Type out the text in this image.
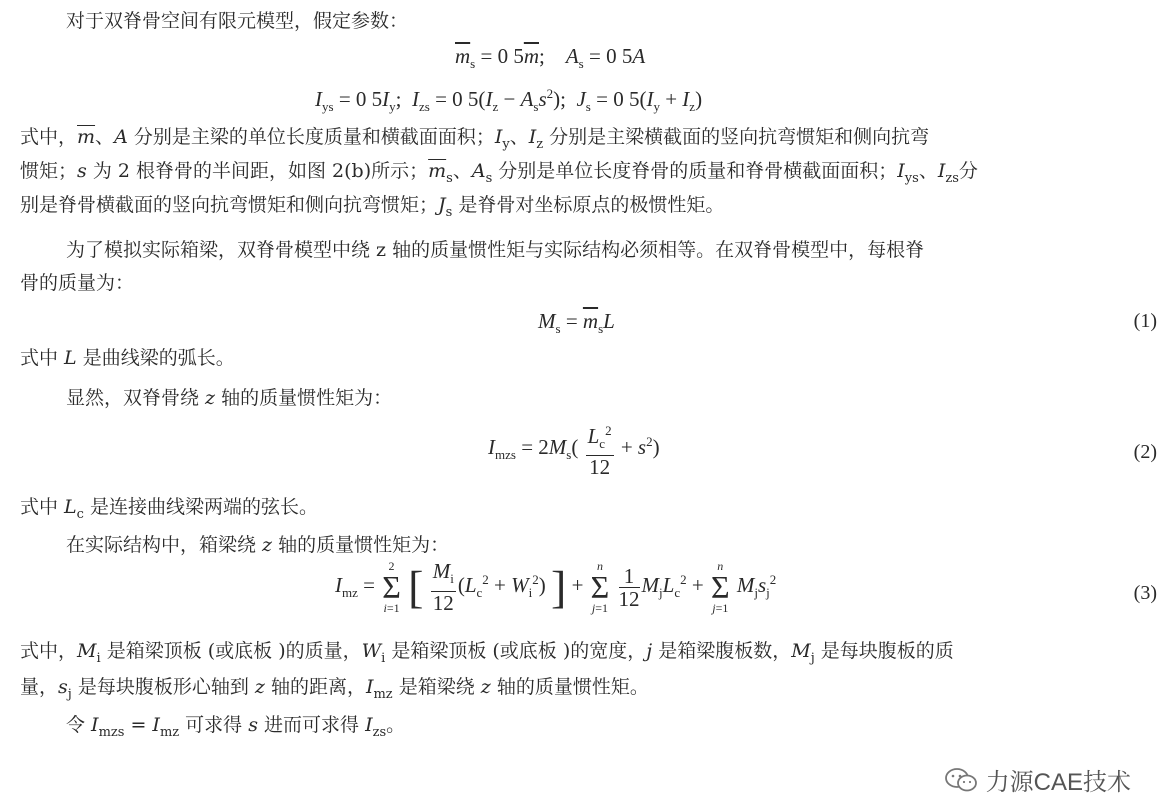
对于双脊骨空间有限元模型，假定参数：
$\overline{m}_s = 0$ $5\overline{m}$;    $A_s = 0$ 5A
$I_{ys} = 0$ $5I_y$;  $I_{zs} = 0$ $5(I_z - A_ss^2)$;  $J_s = 0$ $5(I_y + I_z)$
式中，$\overline{m}$、A 分别是主梁的单位长度质量和横截面面积；$I_y$、$I_z$ 分别是主梁横截面的竖向抗弯惯矩和侧向抗弯
惯矩；s 为 2 根脊骨的半间距，如图 2(b)所示；$\overline{m}_s$、$A_s$ 分别是单位长度脊骨的质量和脊骨横截面面积；$I_{ys}$、$I_{zs}$分
别是脊骨横截面的竖向抗弯惯矩和侧向抗弯惯矩；$J_s$ 是脊骨对坐标原点的极惯性矩。
为了模拟实际箱梁，双脊骨模型中绕 z 轴的质量惯性矩与实际结构必须相等。在双脊骨模型中，每根脊
骨的质量为：
$M_s = \overline{m}_sL$	(1)
式中 L 是曲线梁的弧长。
显然，双脊骨绕 z 轴的质量惯性矩为：
$I_{mzs} = 2M_s( \frac{L_c^2}{12} + s^2)$	(2)
式中 $L_c$ 是连接曲线梁两端的弦长。
在实际结构中，箱梁绕 z 轴的质量惯性矩为：
$I_{mz} = 2$
Σ
i=1 [ $\frac{M_i}{12} (L_c^2 + W_i^2)$ ] + n
Σ
$j=1 \frac{1}{12} M_jL_c^2 + n$
Σ
j=1 $M_js_j^2$
(3)
式中，$M_i$ 是箱梁顶板 (或底板 )的质量，$W_i$ 是箱梁顶板 (或底板 )的宽度，j 是箱梁腹板数，$M_j$ 是每块腹板的质
量，$s_j$ 是每块腹板形心轴到 z 轴的距离，$I_{mz}$ 是箱梁绕 z 轴的质量惯性矩。
令 $I_{mzs} = I_{mz}$ 可求得 s 进而可求得 $I_{zs}$。
力源CAE技术
